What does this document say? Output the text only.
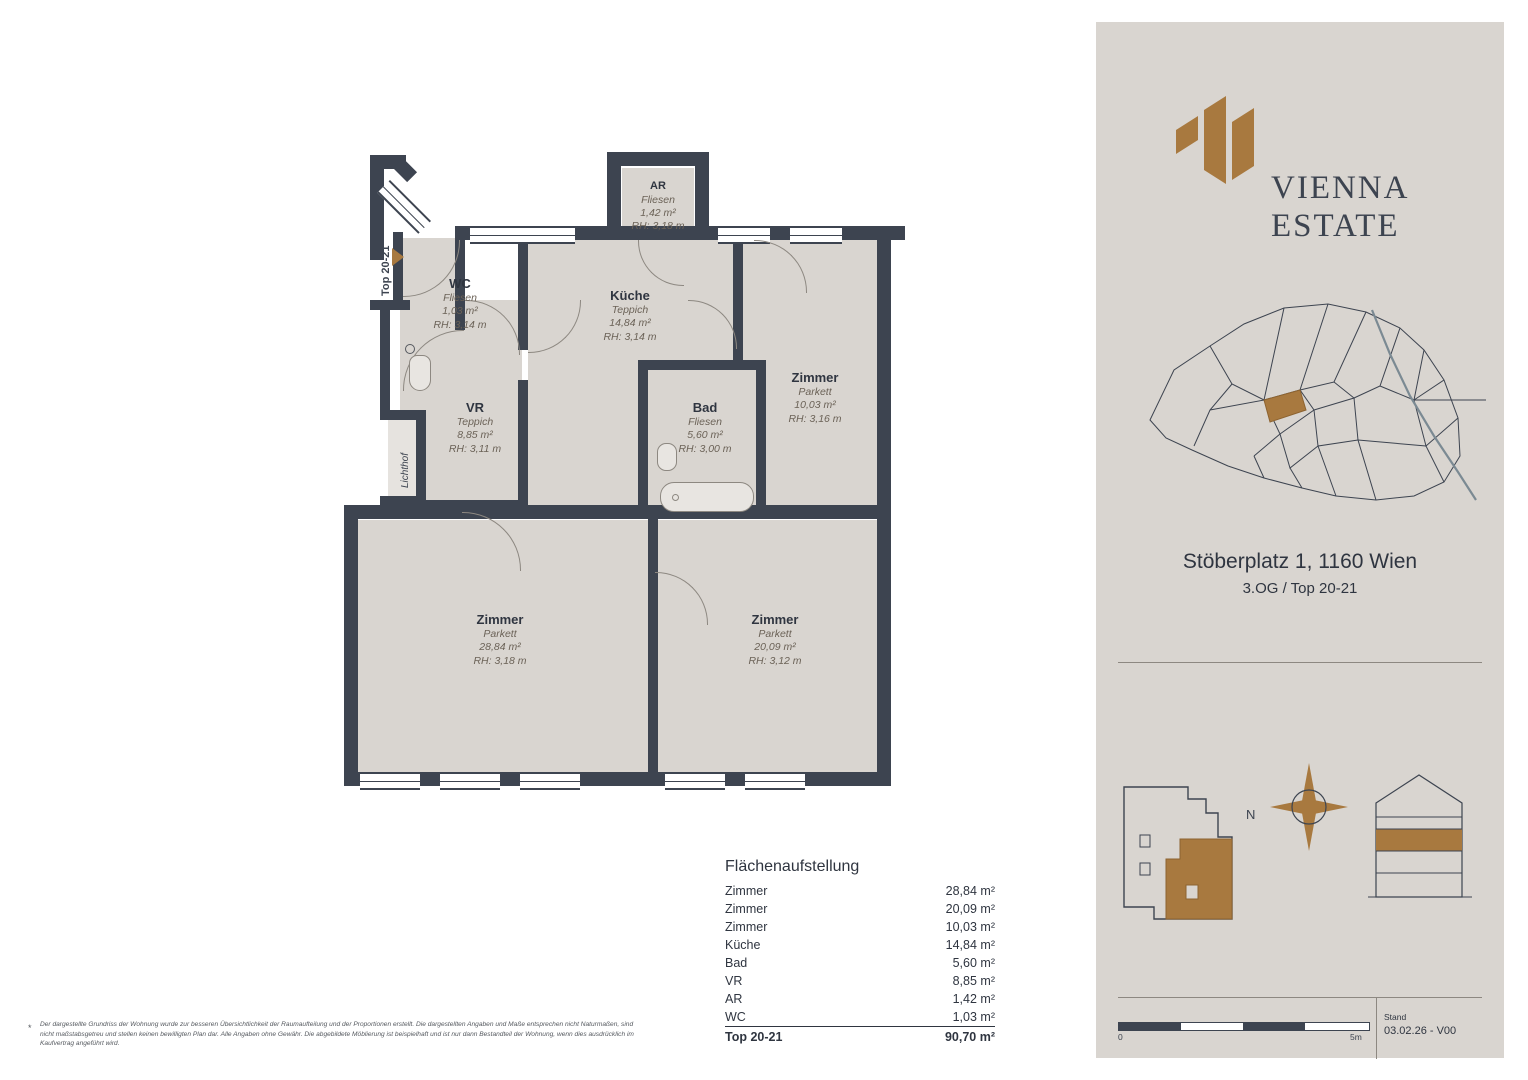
Top 20-21
Lichthof
AR
Fliesen
1,42 m²
RH: 3,18 m
WC
Fliesen
1,03 m²
RH: 3,14 m
Küche
Teppich
14,84 m²
RH: 3,14 m
Zimmer
Parkett
10,03 m²
RH: 3,16 m
VR
Teppich
8,85 m²
RH: 3,11 m
Bad
Fliesen
5,60 m²
RH: 3,00 m
Zimmer
Parkett
28,84 m²
RH: 3,18 m
Zimmer
Parkett
20,09 m²
RH: 3,12 m
Flächenaufstellung
Zimmer	28,84 m²
Zimmer	20,09 m²
Zimmer	10,03 m²
Küche	14,84 m²
Bad	5,60 m²
VR	8,85 m²
AR	1,42 m²
WC	1,03 m²
Top 20-21	90,70 m²
* Der dargestellte Grundriss der Wohnung wurde zur besseren Übersichtlichkeit der Raumaufteilung und der Proportionen erstellt. Die dargestellten Angaben und Maße entsprechen nicht Naturmaßen, sind nicht maßstabsgetreu und stellen keinen bewilligten Plan dar. Alle Angaben ohne Gewähr. Die abgebildete Möblierung ist beispielhaft und ist nur dann Bestandteil der Wohnung, wenn dies ausdrücklich im Kaufvertrag angeführt wird.
VIENNA
ESTATE
Stöberplatz 1, 1160 Wien
3.OG / Top 20-21
N
0	5m
Stand
03.02.26 - V00
